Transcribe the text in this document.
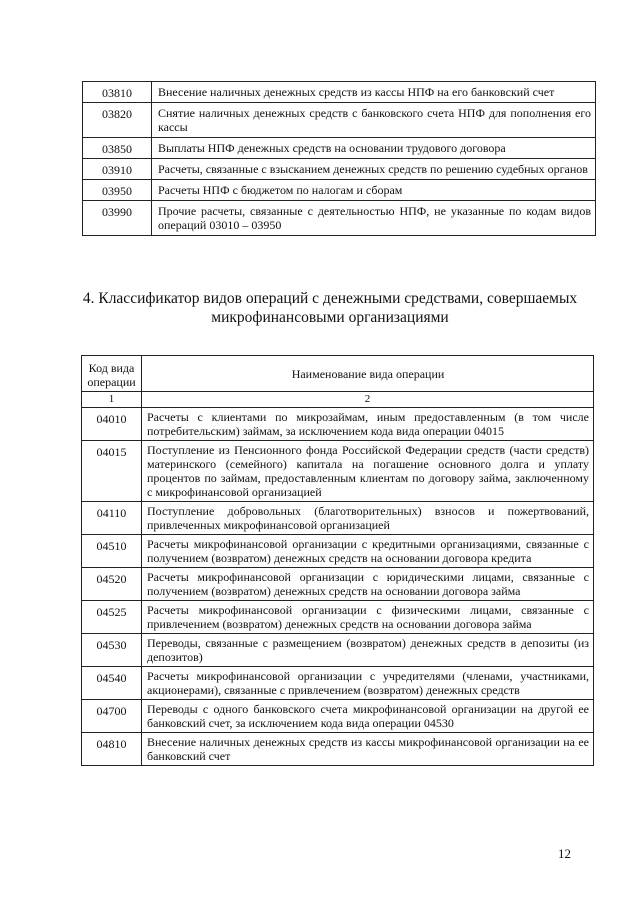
03810	Внесение наличных денежных средств из кассы НПФ на его банковский счет
03820	Снятие наличных денежных средств с банковского счета НПФ для пополнения его кассы
03850	Выплаты НПФ денежных средств на основании трудового договора
03910	Расчеты, связанные с взысканием денежных средств по решению судебных органов
03950	Расчеты НПФ с бюджетом по налогам и сборам
03990	Прочие расчеты, связанные с деятельностью НПФ, не указанные по кодам видов операций 03010 – 03950
4. Классификатор видов операций с денежными средствами, совершаемых
микрофинансовыми организациями
Код вида операции	Наименование вида операции
1	2
04010	Расчеты с клиентами по микрозаймам, иным предоставленным (в том числе потребительским) займам, за исключением кода вида операции 04015
04015	Поступление из Пенсионного фонда Российской Федерации средств (части средств) материнского (семейного) капитала на погашение основного долга и уплату процентов по займам, предоставленным клиентам по договору займа, заключенному с микрофинансовой организацией
04110	Поступление добровольных (благотворительных) взносов и пожертвований, привлеченных микрофинансовой организацией
04510	Расчеты микрофинансовой организации с кредитными организациями, связанные с получением (возвратом) денежных средств на основании договора кредита
04520	Расчеты микрофинансовой организации с юридическими лицами, связанные с получением (возвратом) денежных средств на основании договора займа
04525	Расчеты микрофинансовой организации с физическими лицами, связанные с привлечением (возвратом) денежных средств на основании договора займа
04530	Переводы, связанные с размещением (возвратом) денежных средств в депозиты (из депозитов)
04540	Расчеты микрофинансовой организации с учредителями (членами, участниками, акционерами), связанные с привлечением (возвратом) денежных средств
04700	Переводы с одного банковского счета микрофинансовой организации на другой ее банковский счет, за исключением кода вида операции 04530
04810	Внесение наличных денежных средств из кассы микрофинансовой организации на ее банковский счет
12
